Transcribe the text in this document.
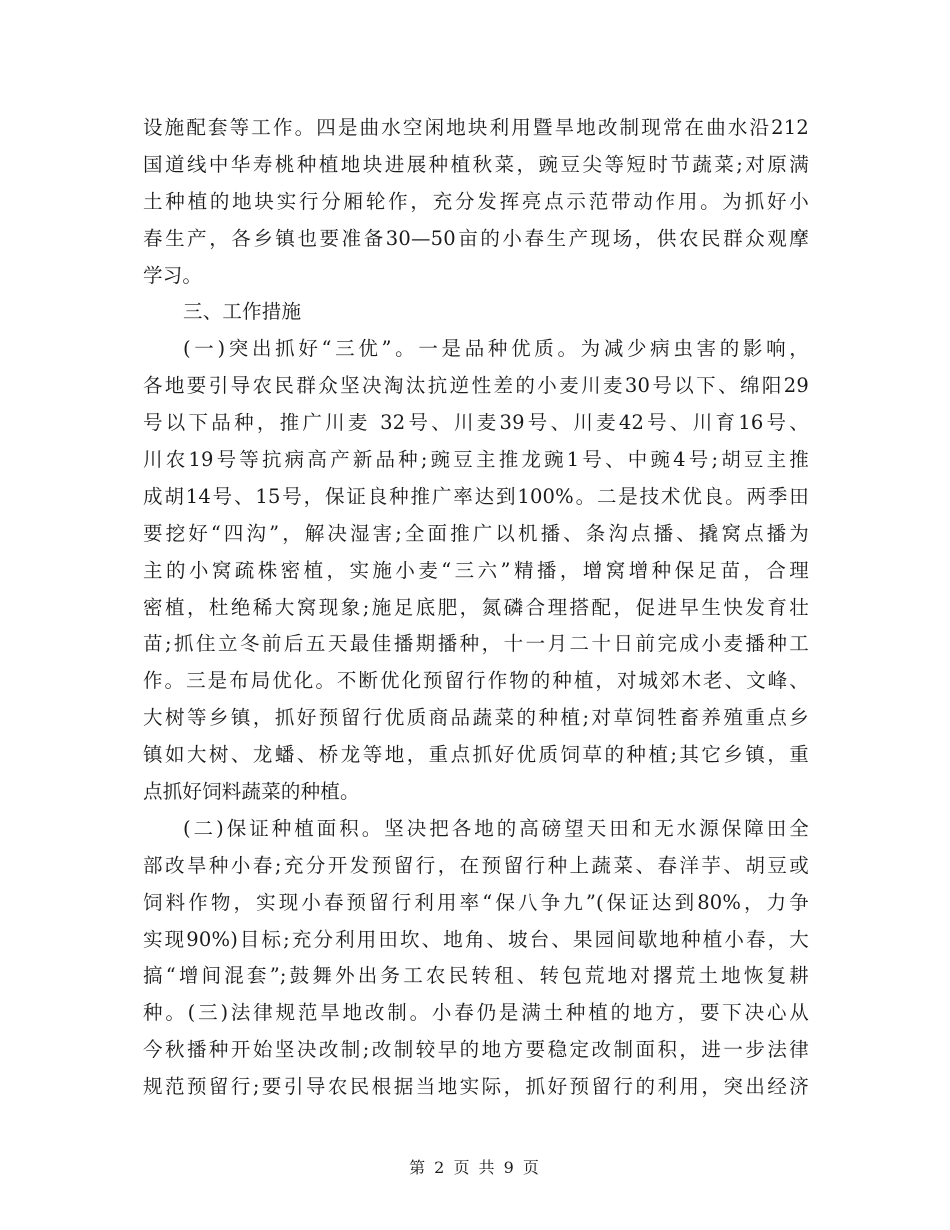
设施配套等工作。四是曲水空闲地块利用暨旱地改制现常在曲水沿212
国道线中华寿桃种植地块进展种植秋菜，豌豆尖等短时节蔬菜;对原满
土种植的地块实行分厢轮作，充分发挥亮点示范带动作用。为抓好小
春生产，各乡镇也要准备30—50亩的小春生产现场，供农民群众观摩
学习。
三、工作措施
(一)突出抓好“三优”。一是品种优质。为减少病虫害的影响，
各地要引导农民群众坚决淘汰抗逆性差的小麦川麦30号以下、绵阳29
号以下品种，推广川麦 32号、川麦39号、川麦42号、川育16号、
川农19号等抗病高产新品种;豌豆主推龙豌1号、中豌4号;胡豆主推
成胡14号、15号，保证良种推广率达到100%。二是技术优良。两季田
要挖好“四沟”，解决湿害;全面推广以机播、条沟点播、撬窝点播为
主的小窝疏株密植，实施小麦“三六”精播，增窝增种保足苗，合理
密植，杜绝稀大窝现象;施足底肥，氮磷合理搭配，促进早生快发育壮
苗;抓住立冬前后五天最佳播期播种，十一月二十日前完成小麦播种工
作。三是布局优化。不断优化预留行作物的种植，对城郊木老、文峰、
大树等乡镇，抓好预留行优质商品蔬菜的种植;对草饲牲畜养殖重点乡
镇如大树、龙蟠、桥龙等地，重点抓好优质饲草的种植;其它乡镇，重
点抓好饲料蔬菜的种植。
(二)保证种植面积。坚决把各地的高磅望天田和无水源保障田全
部改旱种小春;充分开发预留行，在预留行种上蔬菜、春洋芋、胡豆或
饲料作物，实现小春预留行利用率“保八争九”(保证达到80%，力争
实现90%)目标;充分利用田坎、地角、坡台、果园间歇地种植小春，大
搞“增间混套”;鼓舞外出务工农民转租、转包荒地对撂荒土地恢复耕
种。(三)法律规范旱地改制。小春仍是满土种植的地方，要下决心从
今秋播种开始坚决改制;改制较早的地方要稳定改制面积，进一步法律
规范预留行;要引导农民根据当地实际，抓好预留行的利用，突出经济
第 2 页 共 9 页
